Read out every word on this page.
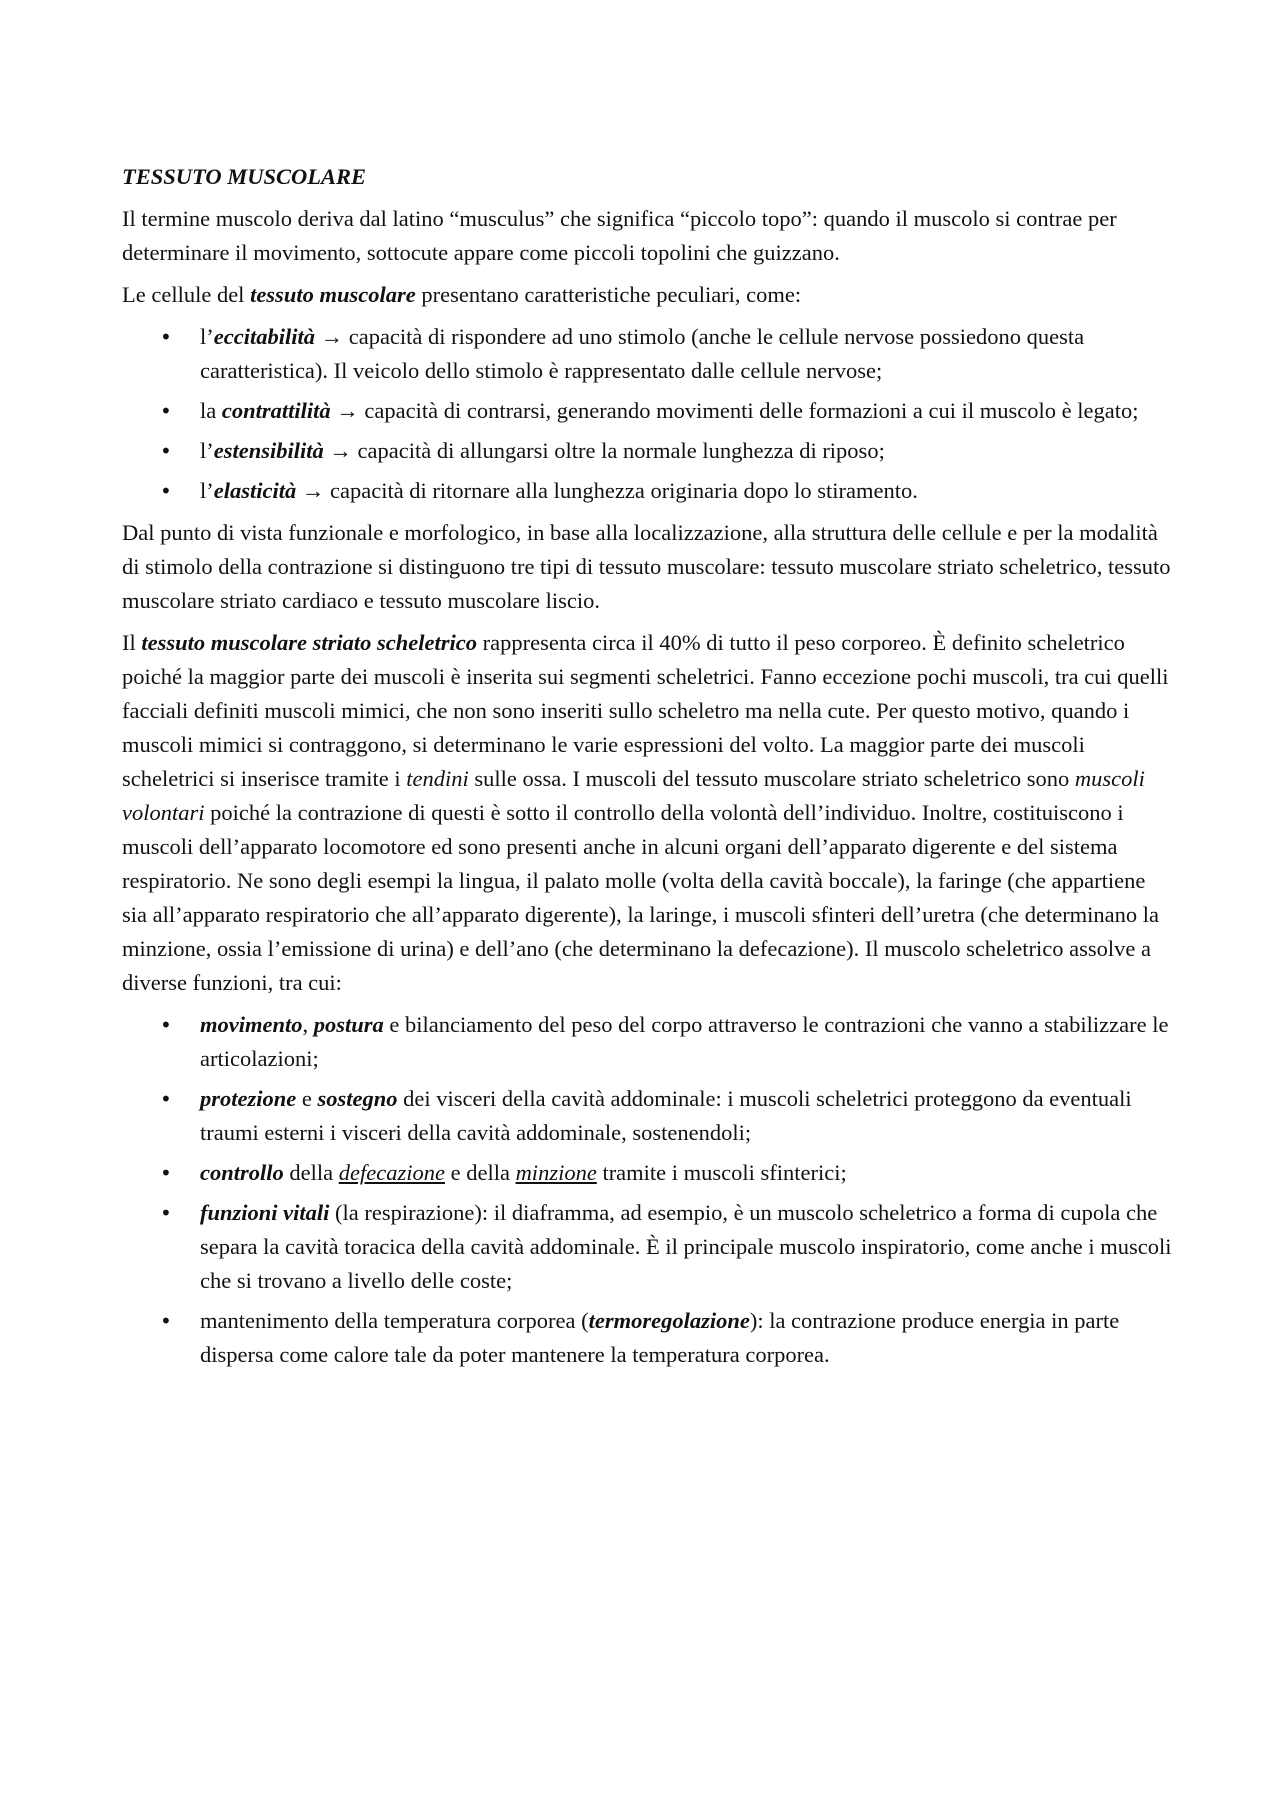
TESSUTO MUSCOLARE

Il termine muscolo deriva dal latino “musculus” che significa “piccolo topo”: quando il muscolo si contrae per determinare il movimento, sottocute appare come piccoli topolini che guizzano.

Le cellule del tessuto muscolare presentano caratteristiche peculiari, come:

• l’eccitabilità → capacità di rispondere ad uno stimolo (anche le cellule nervose possiedono questa caratteristica). Il veicolo dello stimolo è rappresentato dalle cellule nervose;
• la contrattilità → capacità di contrarsi, generando movimenti delle formazioni a cui il muscolo è legato;
• l’estensibilità → capacità di allungarsi oltre la normale lunghezza di riposo;
• l’elasticità → capacità di ritornare alla lunghezza originaria dopo lo stiramento.

Dal punto di vista funzionale e morfologico, in base alla localizzazione, alla struttura delle cellule e per la modalità di stimolo della contrazione si distinguono tre tipi di tessuto muscolare: tessuto muscolare striato scheletrico, tessuto muscolare striato cardiaco e tessuto muscolare liscio.

Il tessuto muscolare striato scheletrico rappresenta circa il 40% di tutto il peso corporeo. È definito scheletrico poiché la maggior parte dei muscoli è inserita sui segmenti scheletrici. Fanno eccezione pochi muscoli, tra cui quelli facciali definiti muscoli mimici, che non sono inseriti sullo scheletro ma nella cute. Per questo motivo, quando i muscoli mimici si contraggono, si determinano le varie espressioni del volto. La maggior parte dei muscoli scheletrici si inserisce tramite i tendini sulle ossa. I muscoli del tessuto muscolare striato scheletrico sono muscoli volontari poiché la contrazione di questi è sotto il controllo della volontà dell’individuo. Inoltre, costituiscono i muscoli dell’apparato locomotore ed sono presenti anche in alcuni organi dell’apparato digerente e del sistema respiratorio. Ne sono degli esempi la lingua, il palato molle (volta della cavità boccale), la faringe (che appartiene sia all’apparato respiratorio che all’apparato digerente), la laringe, i muscoli sfinteri dell’uretra (che determinano la minzione, ossia l’emissione di urina) e dell’ano (che determinano la defecazione). Il muscolo scheletrico assolve a diverse funzioni, tra cui:

• movimento, postura e bilanciamento del peso del corpo attraverso le contrazioni che vanno a stabilizzare le articolazioni;
• protezione e sostegno dei visceri della cavità addominale: i muscoli scheletrici proteggono da eventuali traumi esterni i visceri della cavità addominale, sostenendoli;
• controllo della defecazione e della minzione tramite i muscoli sfinterici;
• funzioni vitali (la respirazione): il diaframma, ad esempio, è un muscolo scheletrico a forma di cupola che separa la cavità toracica della cavità addominale. È il principale muscolo inspiratorio, come anche i muscoli che si trovano a livello delle coste;
• mantenimento della temperatura corporea (termoregolazione): la contrazione produce energia in parte dispersa come calore tale da poter mantenere la temperatura corporea.
